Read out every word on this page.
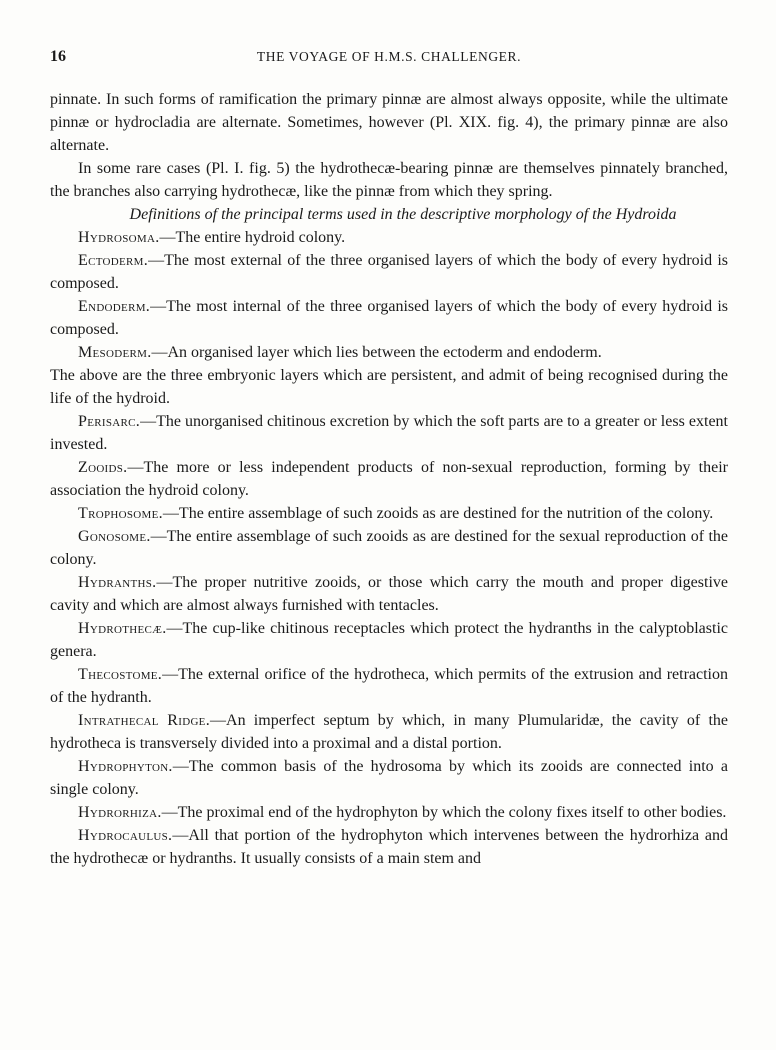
16	THE VOYAGE OF H.M.S. CHALLENGER.

pinnate. In such forms of ramification the primary pinnæ are almost always opposite, while the ultimate pinnæ or hydrocladia are alternate. Sometimes, however (Pl. XIX. fig. 4), the primary pinnæ are also alternate.

In some rare cases (Pl. I. fig. 5) the hydrothecæ-bearing pinnæ are themselves pinnately branched, the branches also carrying hydrothecæ, like the pinnæ from which they spring.

Definitions of the principal terms used in the descriptive morphology of the Hydroida

Hydrosoma.—The entire hydroid colony.

Ectoderm.—The most external of the three organised layers of which the body of every hydroid is composed.

Endoderm.—The most internal of the three organised layers of which the body of every hydroid is composed.

Mesoderm.—An organised layer which lies between the ectoderm and endoderm.

The above are the three embryonic layers which are persistent, and admit of being recognised during the life of the hydroid.

Perisarc.—The unorganised chitinous excretion by which the soft parts are to a greater or less extent invested.

Zooids.—The more or less independent products of non-sexual reproduction, forming by their association the hydroid colony.

Trophosome.—The entire assemblage of such zooids as are destined for the nutrition of the colony.

Gonosome.—The entire assemblage of such zooids as are destined for the sexual reproduction of the colony.

Hydranths.—The proper nutritive zooids, or those which carry the mouth and proper digestive cavity and which are almost always furnished with tentacles.

Hydrothecæ.—The cup-like chitinous receptacles which protect the hydranths in the calyptoblastic genera.

Thecostome.—The external orifice of the hydrotheca, which permits of the extrusion and retraction of the hydranth.

Intrathecal Ridge.—An imperfect septum by which, in many Plumularidæ, the cavity of the hydrotheca is transversely divided into a proximal and a distal portion.

Hydrophyton.—The common basis of the hydrosoma by which its zooids are connected into a single colony.

Hydrorhiza.—The proximal end of the hydrophyton by which the colony fixes itself to other bodies.

Hydrocaulus.—All that portion of the hydrophyton which intervenes between the hydrorhiza and the hydrothecæ or hydranths. It usually consists of a main stem and
